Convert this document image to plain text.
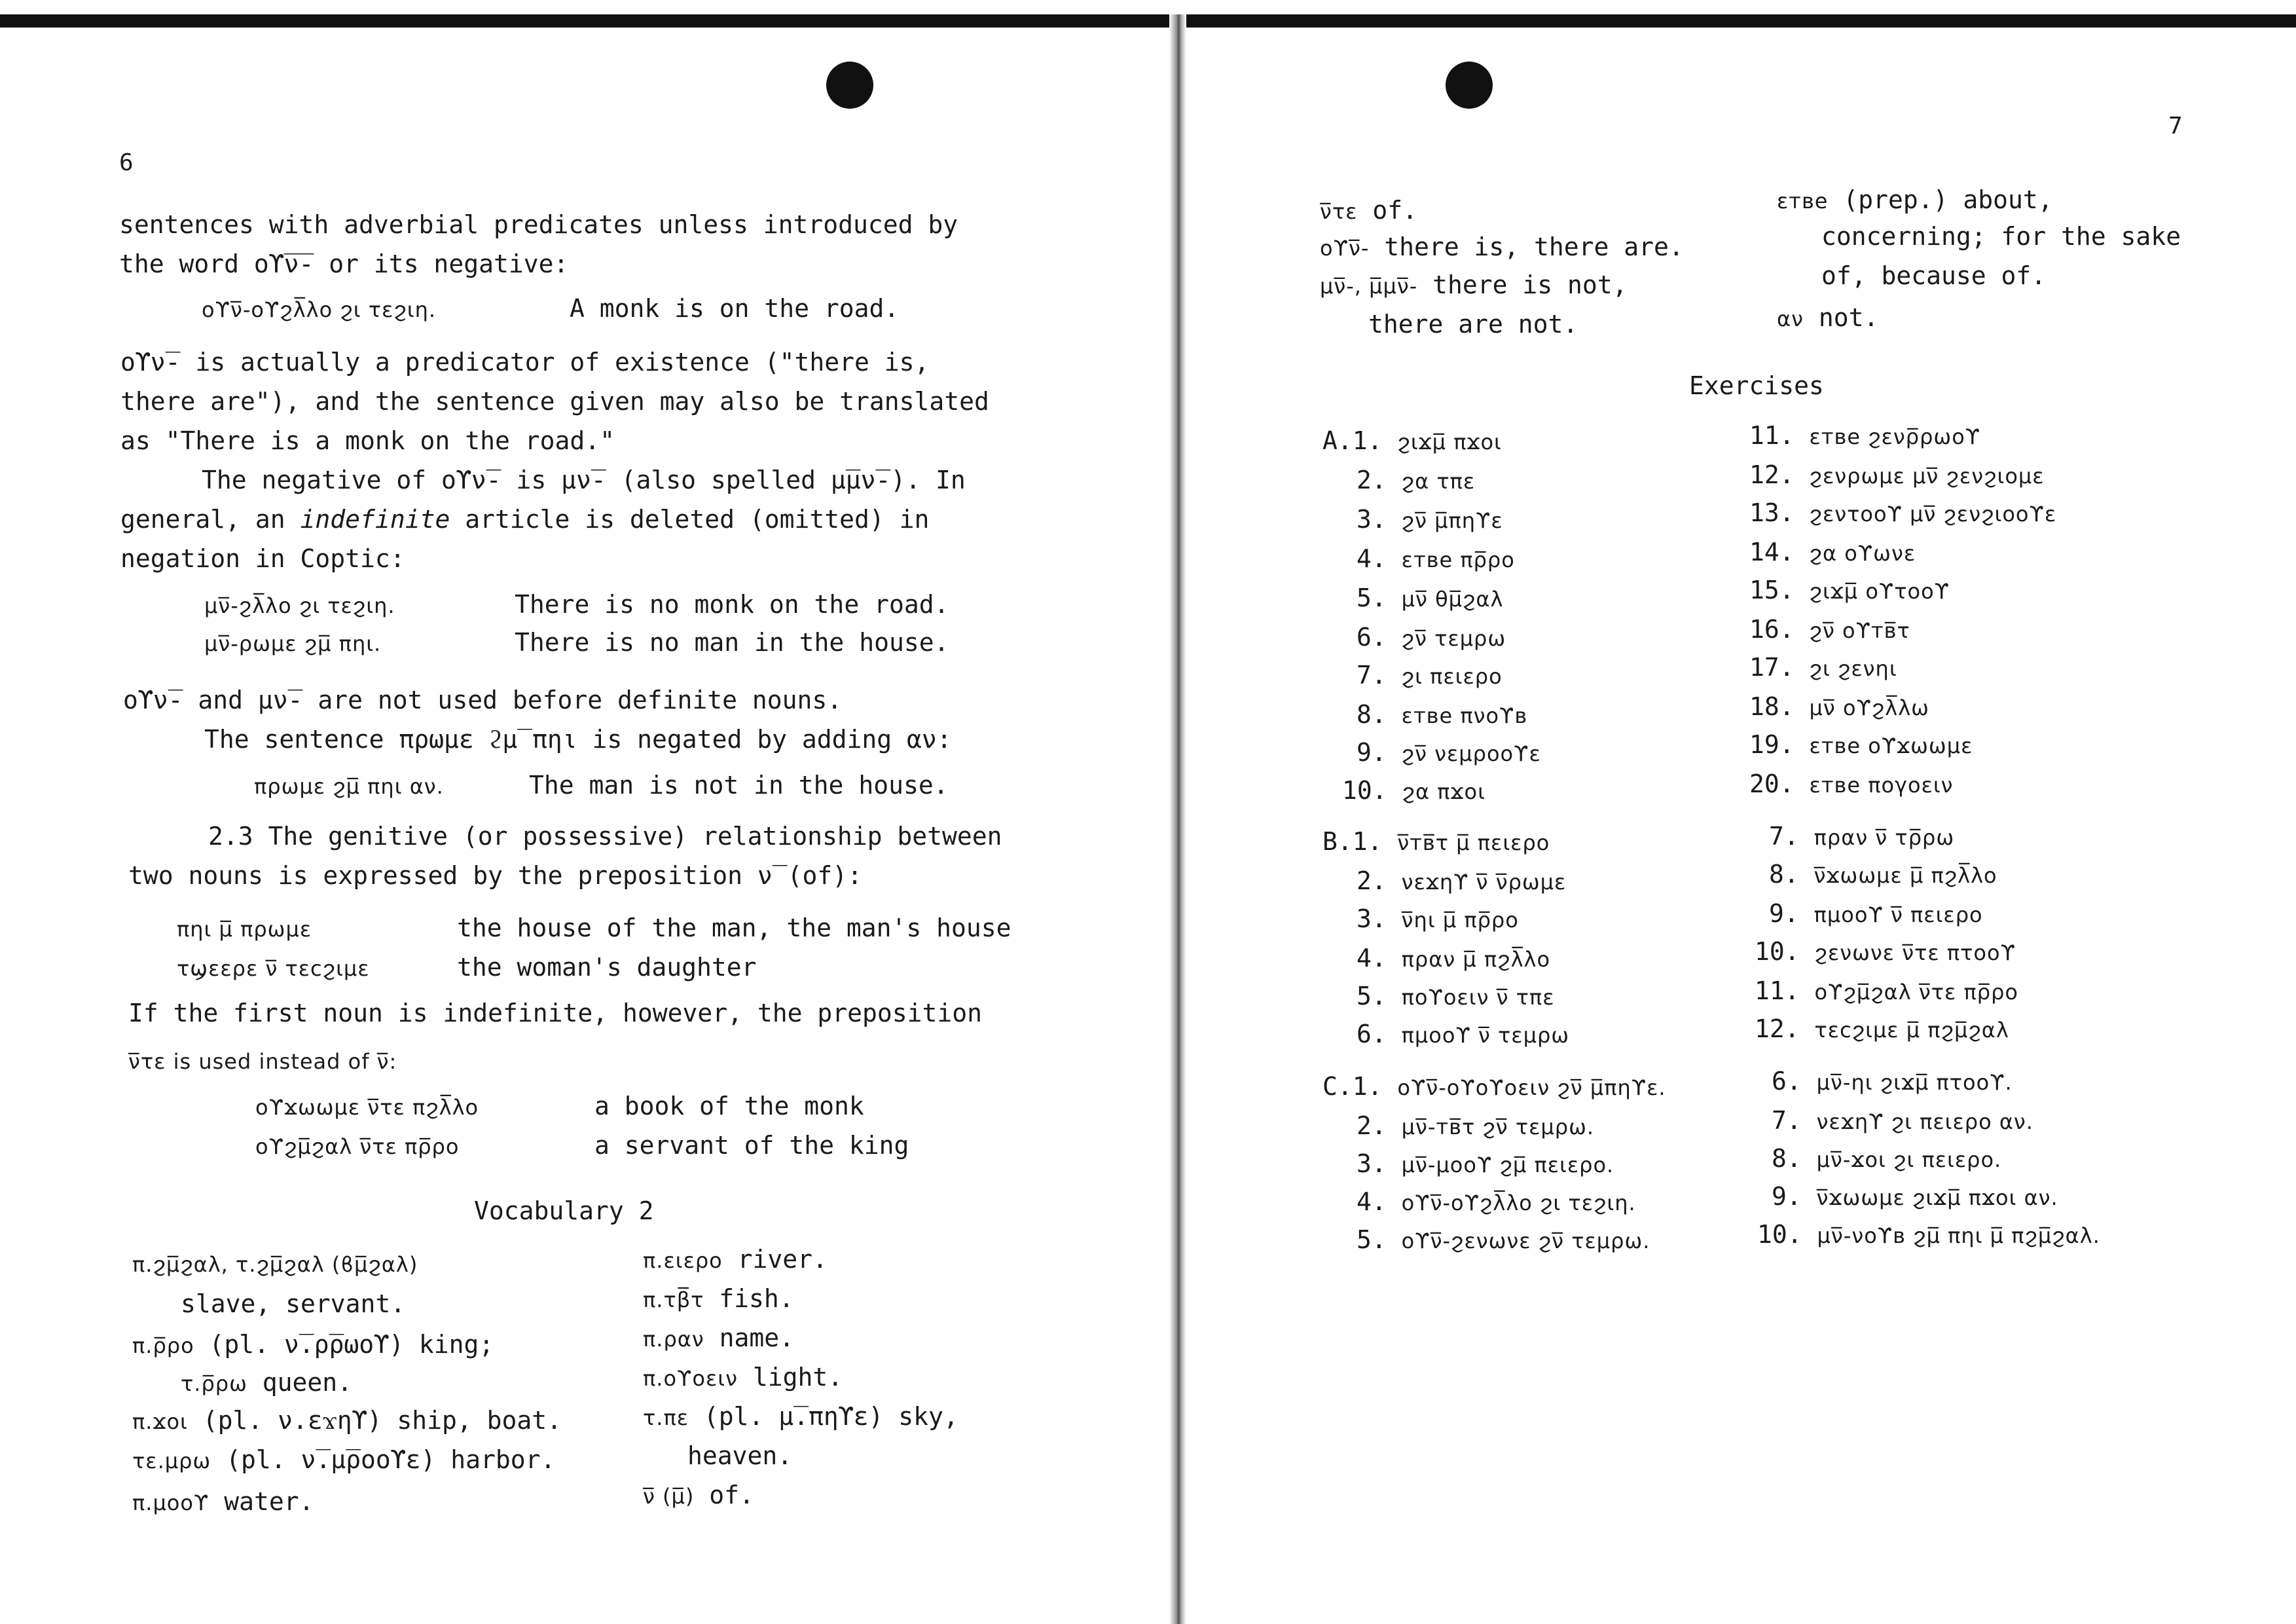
6
sentences with adverbial predicates unless introduced by
the word οϒ̅ν̅- or its negative:
οϒν̅-οϒϩλ̅λο ϩι τεϩιη.	A monk is on the road.
οϒν̅- is actually a predicator of existence ("there is,
there are"), and the sentence given may also be translated
as "There is a monk on the road."
The negative of οϒν̅- is μν̅- (also spelled μ̅μν̅-). In
general, an indefinite article is deleted (omitted) in
negation in Coptic:
μν̅-ϩλ̅λο ϩι τεϩιη.	There is no monk on the road.
μν̅-ρωμε ϩμ̅ πηι.	There is no man in the house.
οϒν̅- and μν̅- are not used before definite nouns.
The sentence πρωμε ϩμ̅ πηι is negated by adding αν:
πρωμε ϩμ̅ πηι αν.	The man is not in the house.
2.3 The genitive (or possessive) relationship between
two nouns is expressed by the preposition ν̅ (of):
πηι μ̅ πρωμε	the house of the man, the man's house
τϣεερε ν̅ τεcϩιμε	the woman's daughter
If the first noun is indefinite, however, the preposition
ν̅τε is used instead of ν̅:
οϒϫωωμε ν̅τε πϩλ̅λο	a book of the monk
οϒϩμ̅ϩαλ ν̅τε πρ̅ρο	a servant of the king
Vocabulary 2
π.ϩμ̅ϩαλ, τ.ϩμ̅ϩαλ (ϐμ̅ϩαλ)
slave, servant.
π.ρ̅ρο (pl. ν̅.ρ̅ρωοϒ) king;
τ.ρ̅ρω queen.
π.ϫοι (pl. ν.εϫηϒ) ship, boat.
τε.μρω (pl. ν̅.μ̅ροοϒε) harbor.
π.μοοϒ water.
π.ειερο river.
π.τβ̅τ fish.
π.ραν name.
π.οϒοειν light.
τ.πε (pl. μ̅.πηϒε) sky,
heaven.
ν̅ (μ̅) of.
7
ν̅τε of.
οϒν̅- there is, there are.
μν̅-, μ̅μν̅- there is not,
there are not.
εтве (prep.) about,
concerning; for the sake
of, because of.
αν not.
Exercises
A.1. ϩιϫμ̅ πϫοι
2. ϩα τπε
3. ϩν̅ μ̅πηϒε
4. εтве πρ̅ρο
5. μν̅ θμ̅ϩαλ
6. ϩν̅ τεμρω
7. ϩι πειερο
8. εтве πνοϒв
9. ϩν̅ νεμροοϒε
10. ϩα πϫοι
11. εтве ϩενρ̅ρωοϒ
12. ϩενρωμε μν̅ ϩενϩιομε
13. ϩεντοοϒ μν̅ ϩενϩιοοϒε
14. ϩα οϒωνε
15. ϩιϫμ̅ οϒτοοϒ
16. ϩν̅ οϒтв̅τ
17. ϩι ϩενηι
18. μν̅ οϒϩλ̅λω
19. εтве οϒϫωωμε
20. εтве πογοειν
B.1. ν̅тв̅τ μ̅ πειερο
2. νεϫηϒ ν̅ ν̅ρωμε
3. ν̅ηι μ̅ πρ̅ρο
4. πραν μ̅ πϩλ̅λο
5. ποϒοειν ν̅ τπε
6. πμοοϒ ν̅ τεμρω
7. πραν ν̅ τρ̅ρω
8. ν̅ϫωωμε μ̅ πϩλ̅λο
9. πμοοϒ ν̅ πειερο
10. ϩενωνε ν̅τε πτοοϒ
11. οϒϩμ̅ϩαλ ν̅τε πρ̅ρο
12. τεcϩιμε μ̅ πϩμ̅ϩαλ
C.1. οϒν̅-οϒοϒοειν ϩν̅ μ̅πηϒε.
2. μν̅-тв̅τ ϩν̅ τεμρω.
3. μν̅-μοοϒ ϩμ̅ πειερο.
4. οϒν̅-οϒϩλ̅λο ϩι τεϩιη.
5. οϒν̅-ϩενωνε ϩν̅ τεμρω.
6. μν̅-ηι ϩιϫμ̅ πτοοϒ.
7. νεϫηϒ ϩι πειερο αν.
8. μν̅-ϫοι ϩι πειερο.
9. ν̅ϫωωμε ϩιϫμ̅ πϫοι αν.
10. μν̅-νοϒв ϩμ̅ πηι μ̅ πϩμ̅ϩαλ.
